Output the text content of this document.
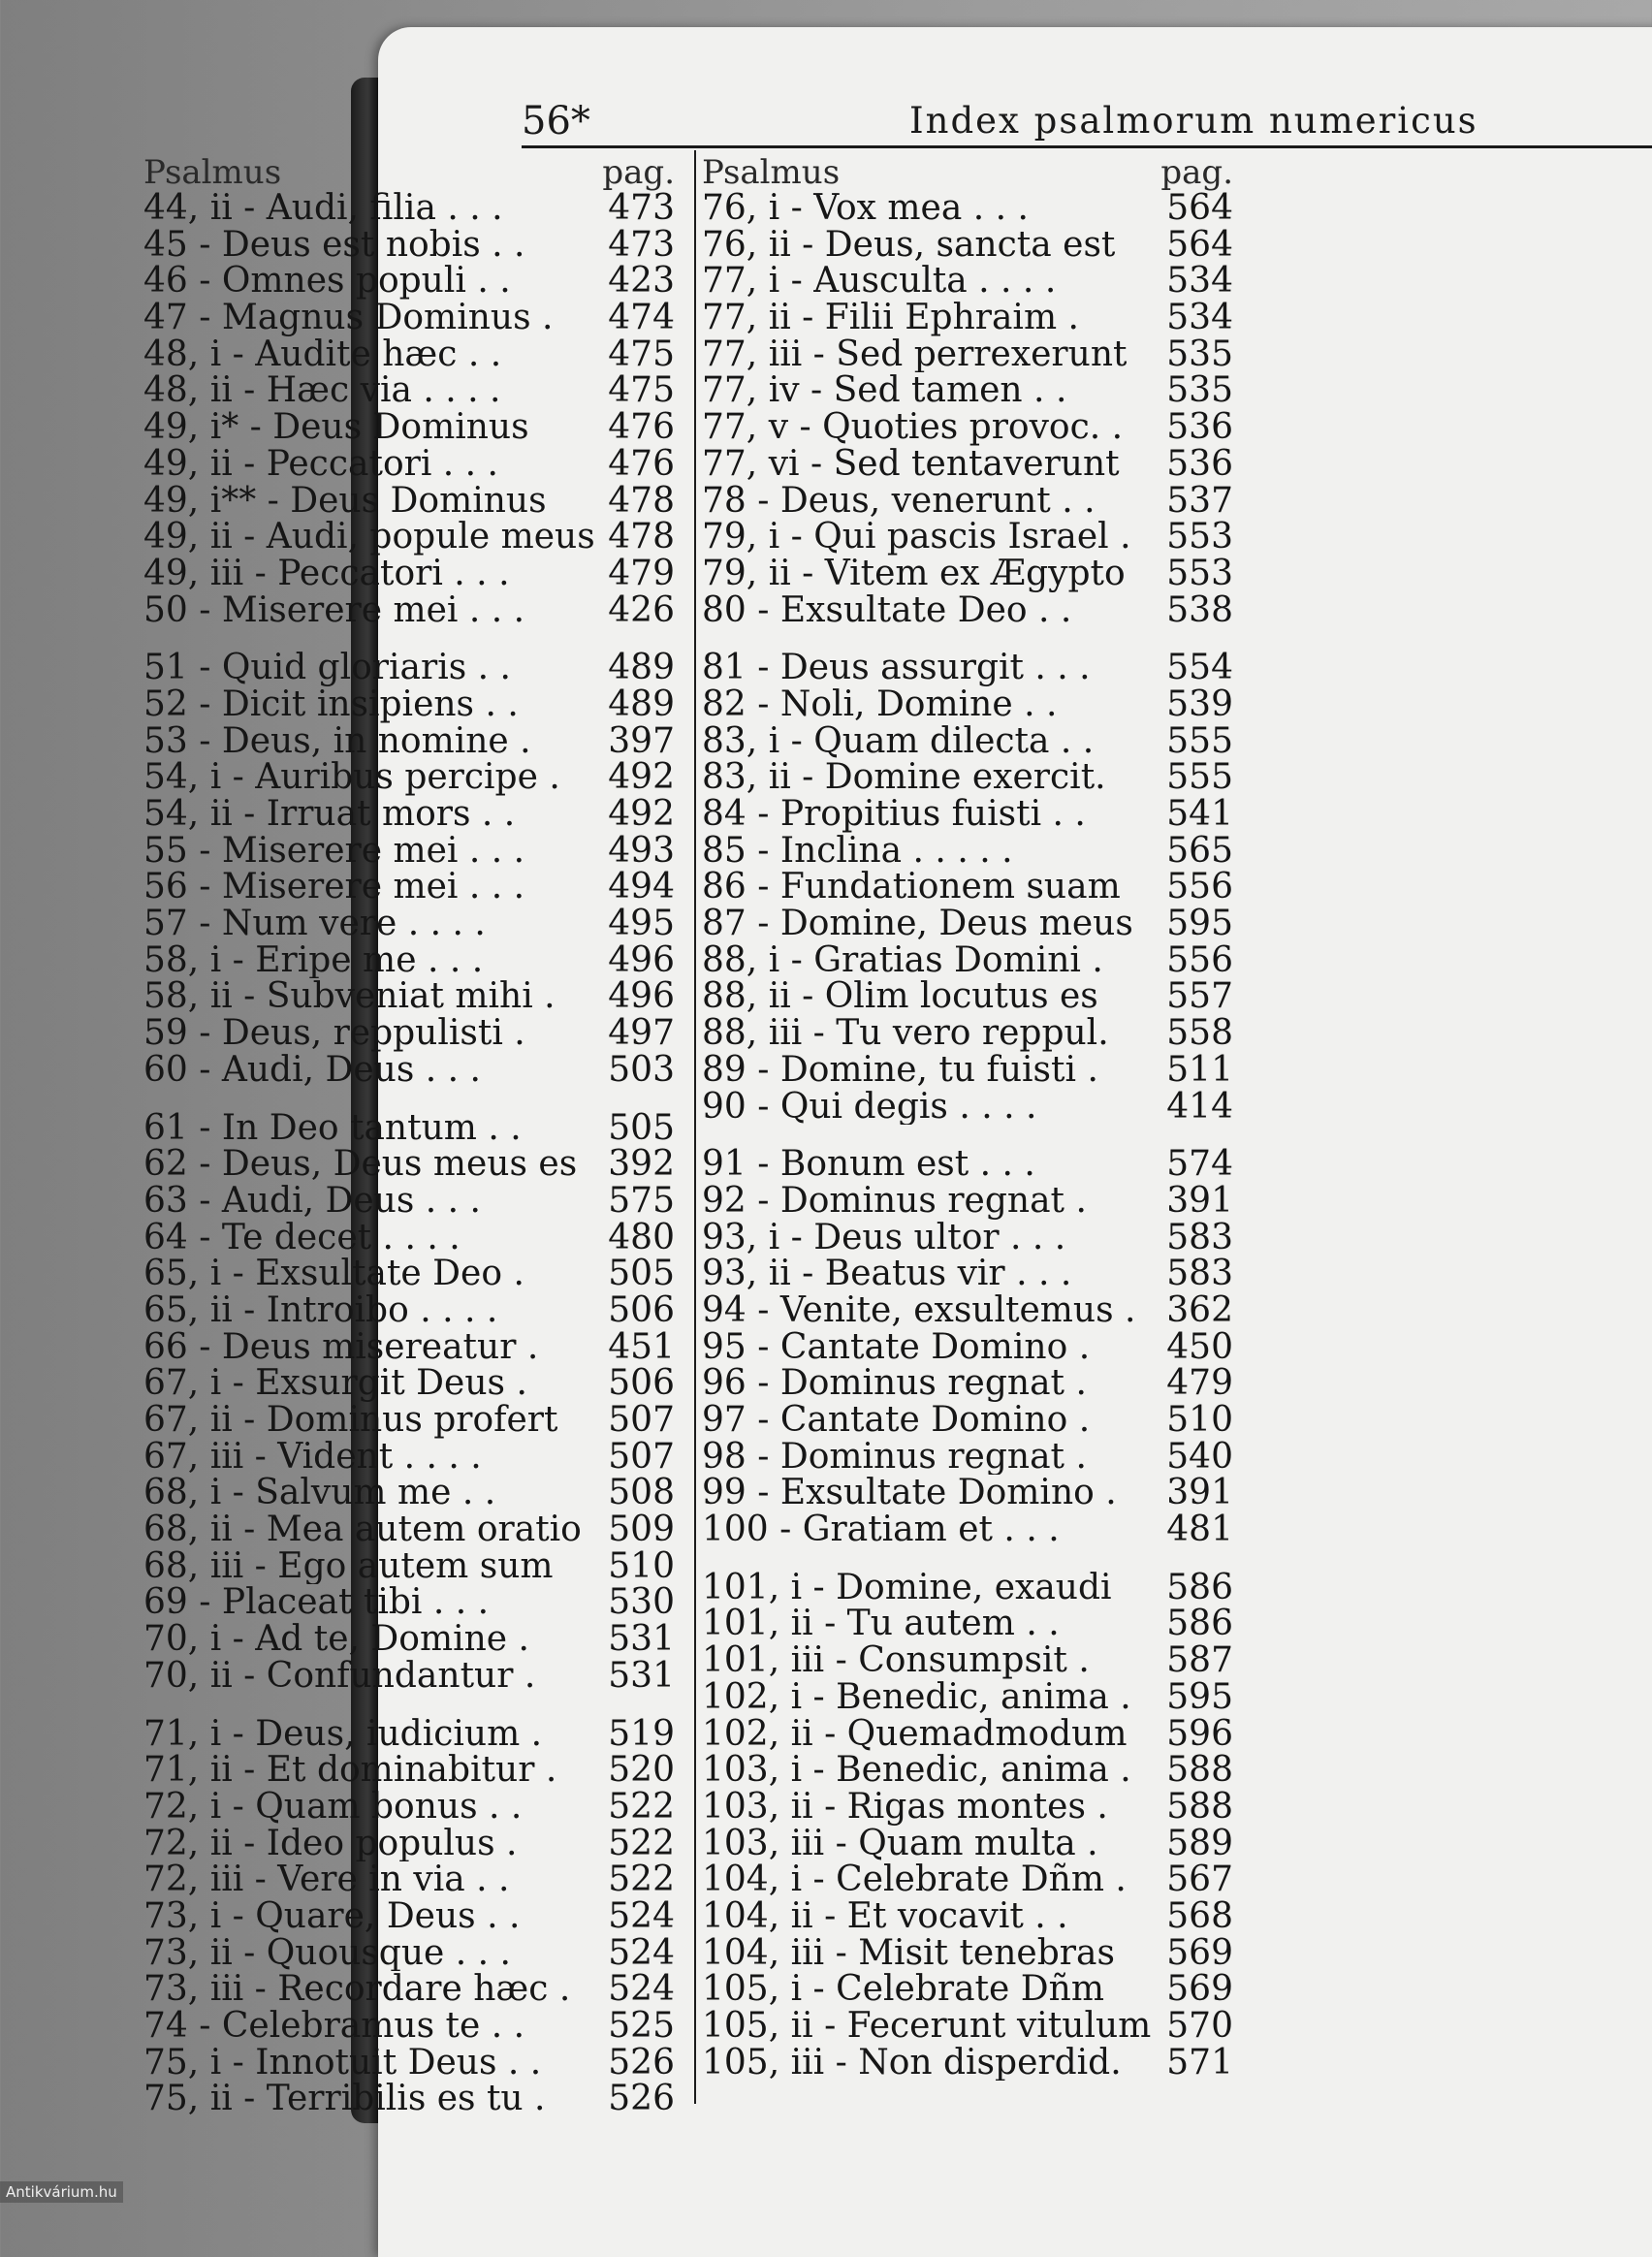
56*	Index psalmorum numericus
Psalmus	pag.
44, ii - Audi, filia . . .	473
45 - Deus est nobis . . 473
46 - Omnes populi . .	423
47 - Magnus Dominus . 474
48, i - Audite hæc . .	475
48, ii - Hæc via . . . .	475
49, i* - Deus Dominus 476
49, ii - Peccatori . . .	476
49, i** - Deus Dominus 478
49, ii - Audi, popule meus 478
49, iii - Peccatori . . .	479
50 - Miserere mei . . . 426
51 - Quid gloriaris . .	489
52 - Dicit insipiens . .	489
53 - Deus, in nomine . 397
54, i - Auribus percipe . 492
54, ii - Irruat mors . .	492
55 - Miserere mei . . . 493
56 - Miserere mei . . . 494
57 - Num vere . . . .	495
58, i - Eripe me . . .	496
58, ii - Subveniat mihi . 496
59 - Deus, reppulisti . 497
60 - Audi, Deus . . .	503
61 - In Deo tantum . . 505
62 - Deus, Deus meus es 392
63 - Audi, Deus . . .	575
64 - Te decet . . . .	480
65, i - Exsultate Deo . 505
65, ii - Introibo . . . .	506
66 - Deus misereatur . 451
67, i - Exsurgit Deus . 506
67, ii - Dominus profert 507
67, iii - Vident . . . .	507
68, i - Salvum me . .	508
68, ii - Mea autem oratio 509
68, iii - Ego autem sum 510
69 - Placeat tibi . . .	530
70, i - Ad te, Domine . 531
70, ii - Confundantur . 531
71, i - Deus, iudicium . 519
71, ii - Et dominabitur . 520
72, i - Quam bonus . . 522
72, ii - Ideo populus .	522
72, iii - Vere in via . .	522
73, i - Quare, Deus . .	524
73, ii - Quousque . . .	524
73, iii - Recordare hæc . 524
74 - Celebramus te . . 525
75, i - Innotuit Deus . . 526
75, ii - Terribilis es tu . 526
Psalmus	pag.
76, i - Vox mea . . .	564
76, ii - Deus, sancta est 564
77, i - Ausculta . . . .	534
77, ii - Filii Ephraim .	534
77, iii - Sed perrexerunt 535
77, iv - Sed tamen . .	535
77, v - Quoties provoc. . 536
77, vi - Sed tentaverunt 536
78 - Deus, venerunt . . 537
79, i - Qui pascis Israel . 553
79, ii - Vitem ex Ægypto 553
80 - Exsultate Deo . .	538
81 - Deus assurgit . . . 554
82 - Noli, Domine . .	539
83, i - Quam dilecta . . 555
83, ii - Domine exercit. 555
84 - Propitius fuisti . . 541
85 - Inclina . . . . .	565
86 - Fundationem suam 556
87 - Domine, Deus meus 595
88, i - Gratias Domini . 556
88, ii - Olim locutus es 557
88, iii - Tu vero reppul. 558
89 - Domine, tu fuisti . 511
90 - Qui degis . . . .	414
91 - Bonum est . . .	574
92 - Dominus regnat . 391
93, i - Deus ultor . . .	583
93, ii - Beatus vir . . .	583
94 - Venite, exsultemus . 362
95 - Cantate Domino . 450
96 - Dominus regnat . 479
97 - Cantate Domino . 510
98 - Dominus regnat . 540
99 - Exsultate Domino . 391
100 - Gratiam et . . .	481
101, i - Domine, exaudi 586
101, ii - Tu autem . .	586
101, iii - Consumpsit . 587
102, i - Benedic, anima . 595
102, ii - Quemadmodum 596
103, i - Benedic, anima . 588
103, ii - Rigas montes . 588
103, iii - Quam multa . 589
104, i - Celebrate Dñm . 567
104, ii - Et vocavit . .	568
104, iii - Misit tenebras 569
105, i - Celebrate Dñm 569
105, ii - Fecerunt vitulum 570
105, iii - Non disperdid. 571
Antikvárium.hu
